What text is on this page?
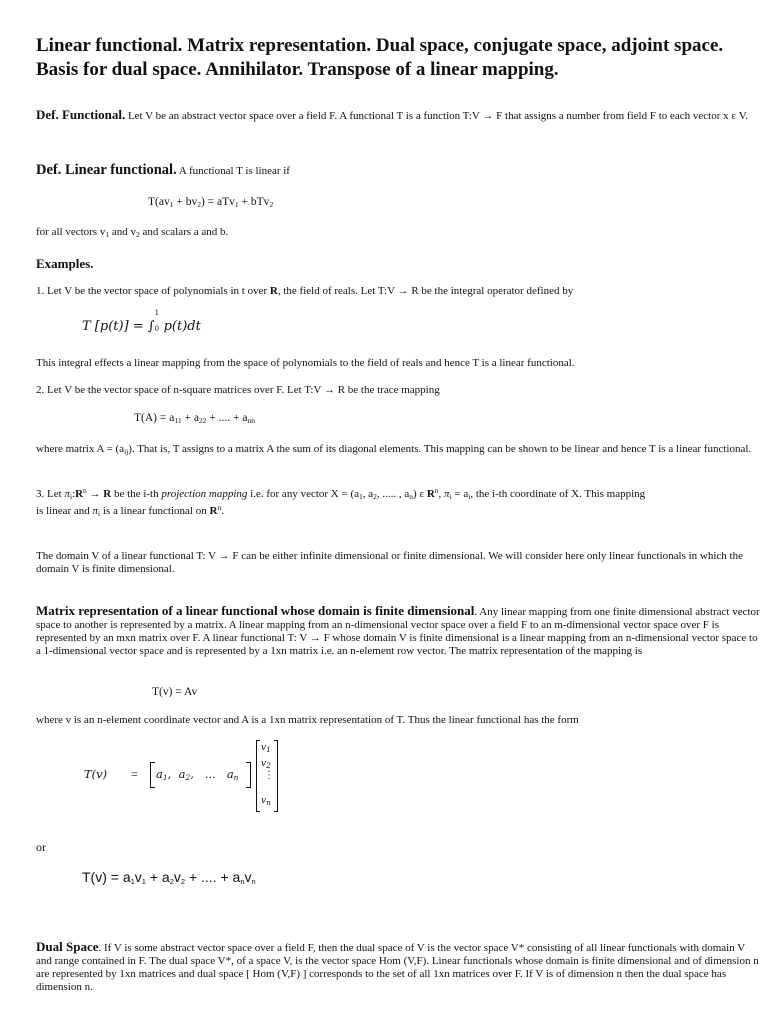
Linear functional. Matrix representation. Dual space, conjugate space, adjoint space. Basis for dual space. Annihilator. Transpose of a linear mapping.
Def. Functional. Let V be an abstract vector space over a field F. A functional T is a function T:V → F that assigns a number from field F to each vector x ε V.
Def. Linear functional. A functional T is linear if
$T(av_1 + bv_2) = aTv_1 + bTv_2$
for all vectors $v_1$ and $v_2$ and scalars a and b.
Examples.
1. Let V be the vector space of polynomials in t over R, the field of reals. Let T:V → R be the integral operator defined by
T [p(t)] = ∫
1
0 p(t)dt
This integral effects a linear mapping from the space of polynomials to the field of reals and hence T is a linear functional.
2. Let V be the vector space of n-square matrices over F. Let T:V → R be the trace mapping
$T(A) = a_{11} + a_{22}$ + .... + $a_{nn}$
where matrix $A = (a_{ij})$. That is, T assigns to a matrix A the sum of its diagonal elements. This mapping can be shown to be linear and hence T is a linear functional.
3. Let $\pi_i:R^n \to R$ be the i-th projection mapping i.e. for any vector $X = (a_1$, $a_2$, ..... , $a_n$) ε $R^n$, $\pi_i = a_i$, the i-th coordinate of X. This mapping
is linear and $\pi_i$ is a linear functional on $R^n$.
The domain V of a linear functional T: V → F can be either infinite dimensional or finite dimensional. We will consider here only linear functionals in which the domain V is finite dimensional.
Matrix representation of a linear functional whose domain is finite dimensional. Any linear mapping from one finite dimensional abstract vector space to another is represented by a matrix. A linear mapping from an n-dimensional vector space over a field F to an m-dimensional vector space over F is represented by an mxn matrix over F. A linear functional T: V → F whose domain V is finite dimensional is a linear mapping from an n-dimensional vector space to a 1-dimensional vector space and is represented by a 1xn matrix i.e. an n-element row vector. The matrix representation of the mapping is
T(v) = Av
where v is an n-element coordinate vector and A is a 1xn matrix representation of T. Thus the linear functional has the form
$T(v) = a_1$, $a_2$, ... $a_n$
$v_1$
$v_2$
⋮
$v_n$
or
$T(v) = a_1v_1 + a_2v_2$ + .... + $a_nv_n$
Dual Space. If V is some abstract vector space over a field F, then the dual space of V is the vector space V* consisting of all linear functionals with domain V and range contained in F. The dual space V*, of a space V, is the vector space Hom (V,F). Linear functionals whose domain is finite dimensional and of dimension n are represented by 1xn matrices and dual space [ Hom (V,F) ] corresponds to the set of all 1xn matrices over F. If V is of dimension n then the dual space has dimension n.
